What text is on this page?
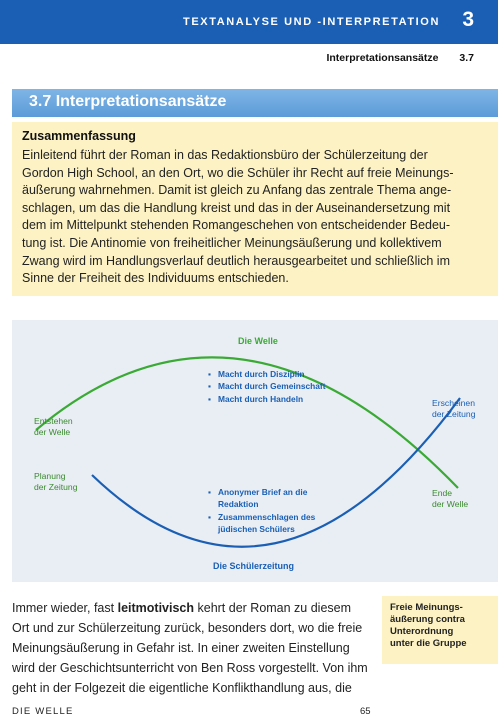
TEXTANALYSE UND -INTERPRETATION 3
Interpretationsansätze 3.7
3.7 Interpretationsansätze
Zusammenfassung
Einleitend führt der Roman in das Redaktionsbüro der Schülerzeitung der
Gordon High School, an den Ort, wo die Schüler ihr Recht auf freie Meinungs-
äußerung wahrnehmen. Damit ist gleich zu Anfang das zentrale Thema ange-
schlagen, um das die Handlung kreist und das in der Auseinandersetzung mit
dem im Mittelpunkt stehenden Romangeschehen von entscheidender Bedeu-
tung ist. Die Antinomie von freiheitlicher Meinungsäußerung und kollektivem
Zwang wird im Handlungsverlauf deutlich herausgearbeitet und schließlich im
Sinne der Freiheit des Individuums entschieden.
Die Welle
Die Schülerzeitung
Entstehen
der Welle
Planung
der Zeitung
Erscheinen
der Zeitung
Ende
der Welle
▪ Macht durch Disziplin
▪ Macht durch Gemeinschaft
▪ Macht durch Handeln
▪ Anonymer Brief an die
Redaktion
▪ Zusammenschlagen des
jüdischen Schülers
Immer wieder, fast leitmotivisch kehrt der Roman zu diesem
Ort und zur Schülerzeitung zurück, besonders dort, wo die freie
Meinungsäußerung in Gefahr ist. In einer zweiten Einstellung
wird der Geschichtsunterricht von Ben Ross vorgestellt. Von ihm
geht in der Folgezeit die eigentliche Konflikthandlung aus, die
Freie Meinungs-
äußerung contra
Unterordnung
unter die Gruppe
DIE WELLE	65
